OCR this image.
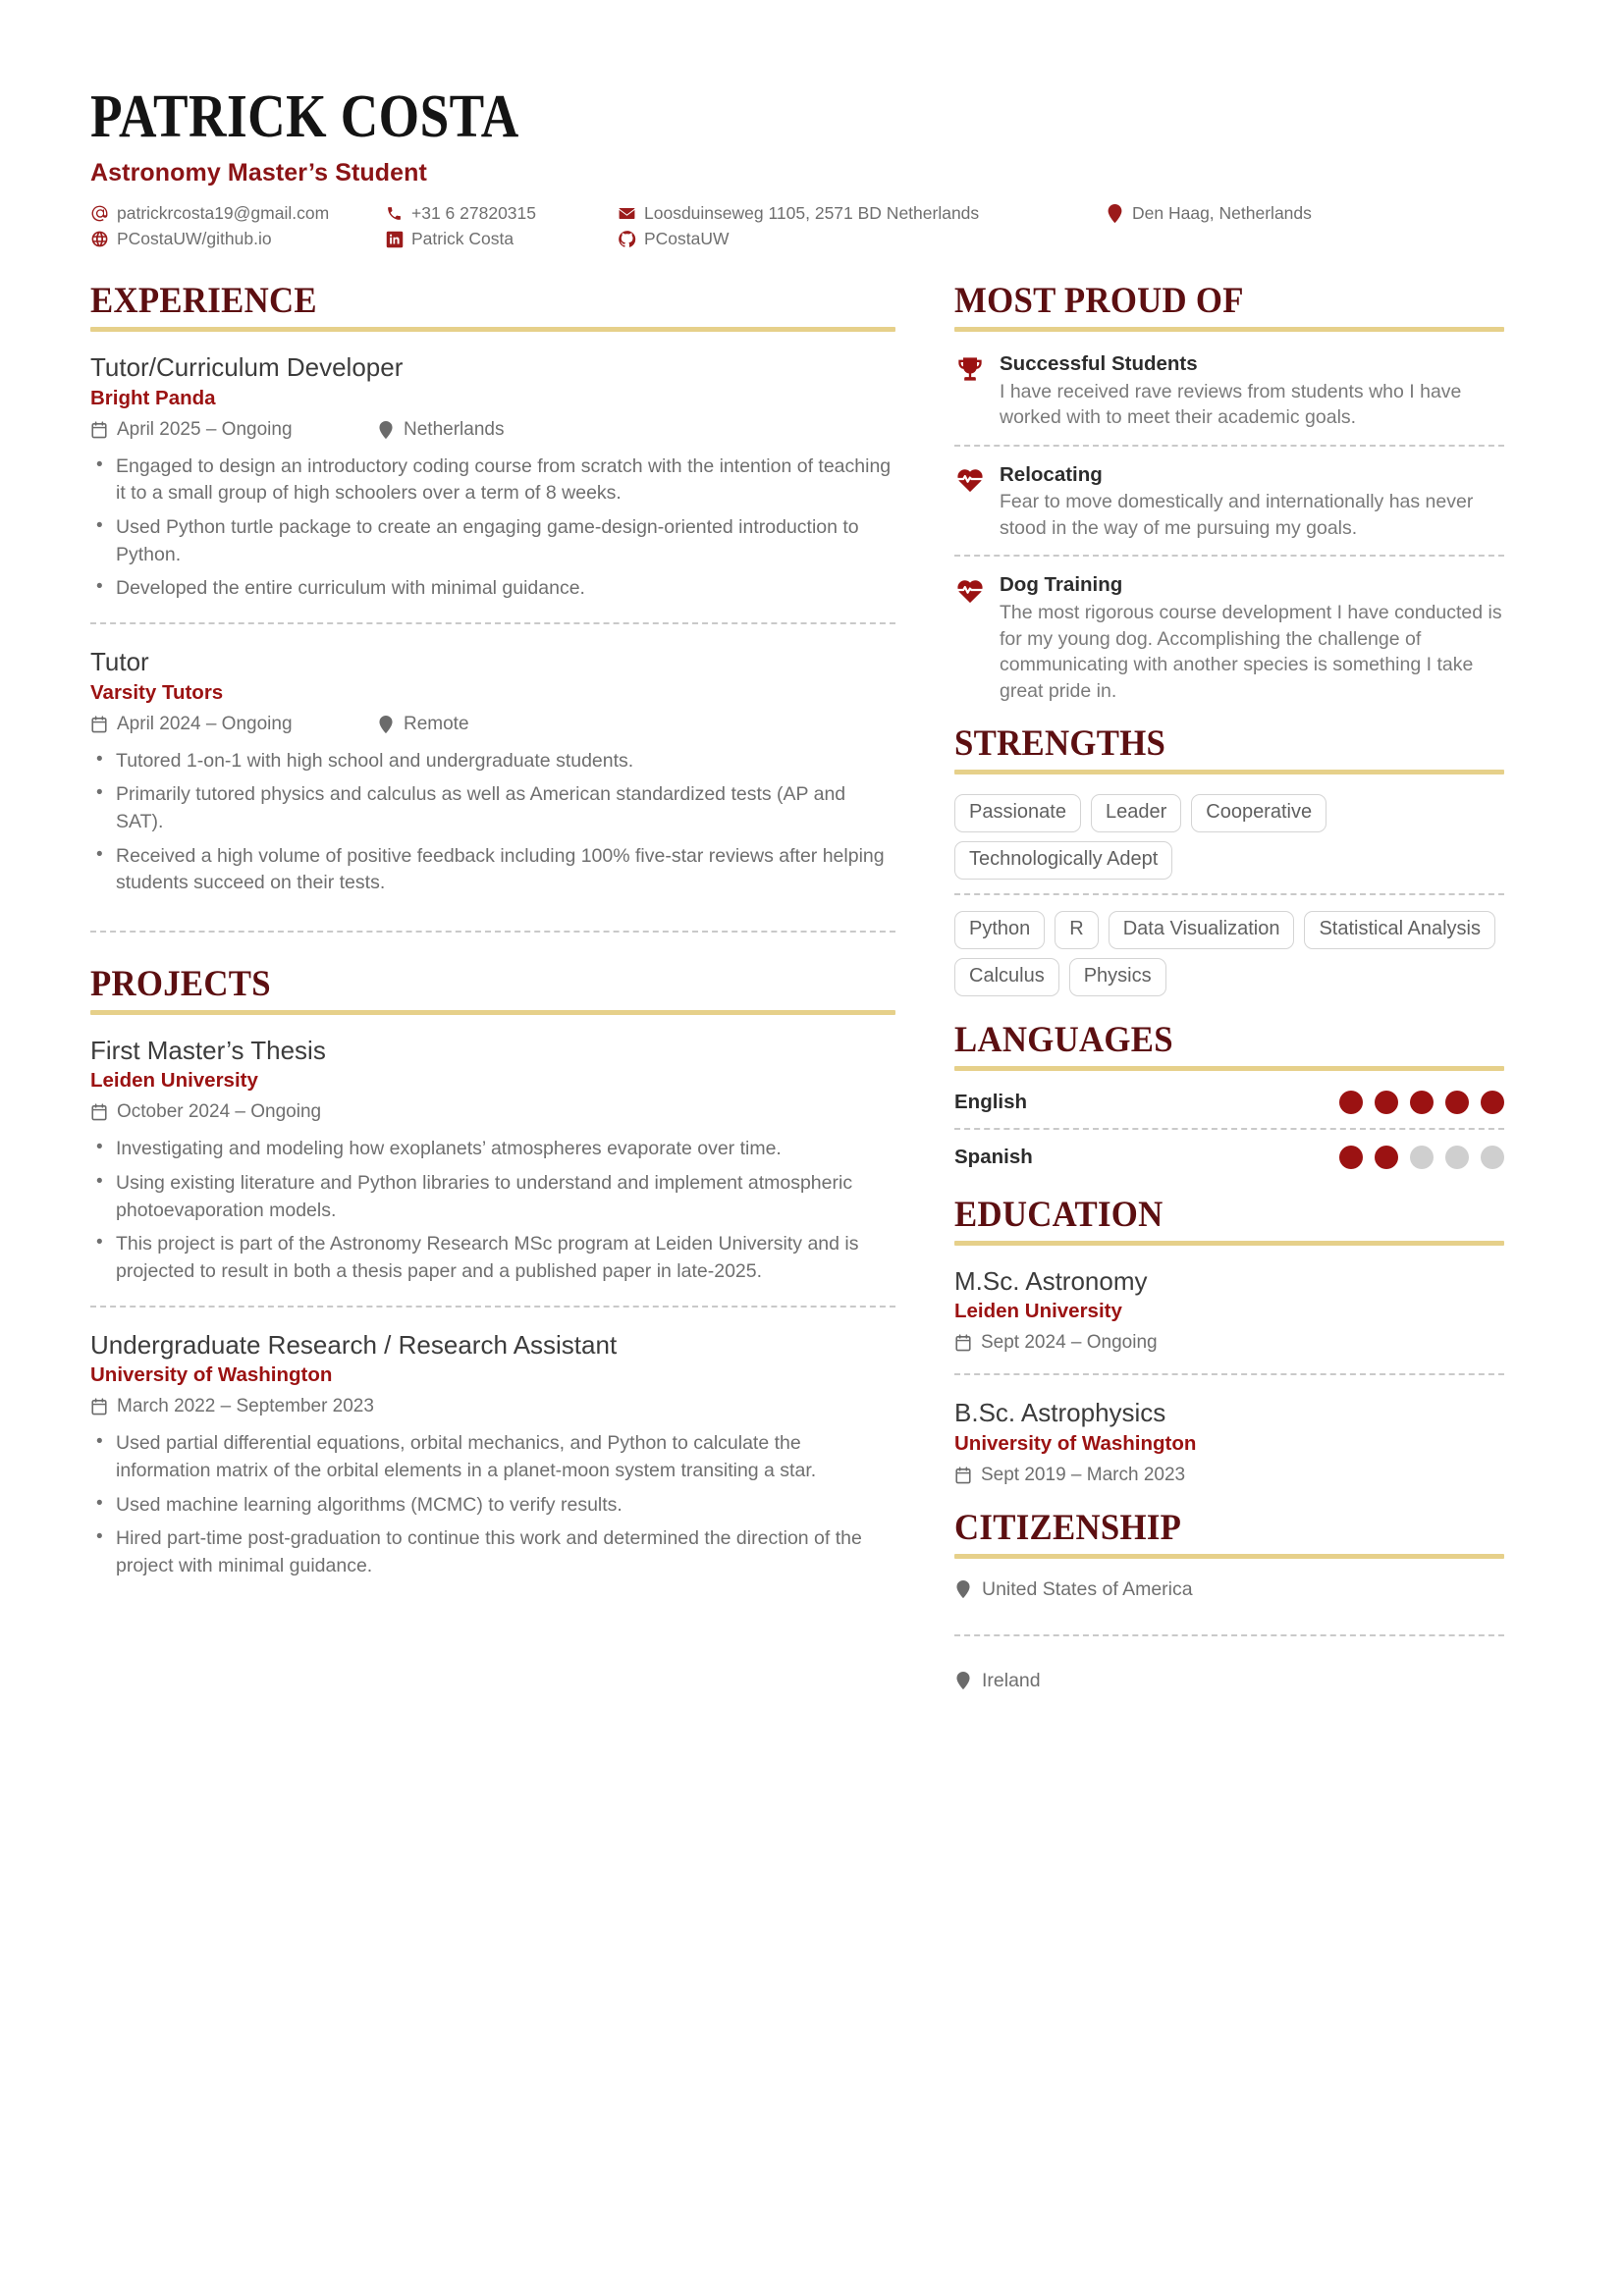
PATRICK COSTA
Astronomy Master’s Student
patrickrcosta19@gmail.com	+31 6 27820315	Loosduinseweg 1105, 2571 BD Netherlands	Den Haag, Netherlands
PCostaUW/github.io	Patrick Costa	PCostaUW
EXPERIENCE
Tutor/Curriculum Developer
Bright Panda
April 2025 – Ongoing	Netherlands
• Engaged to design an introductory coding course from scratch with the intention of teaching it to a small group of high schoolers over a term of 8 weeks.
• Used Python turtle package to create an engaging game-design-oriented introduction to Python.
• Developed the entire curriculum with minimal guidance.
Tutor
Varsity Tutors
April 2024 – Ongoing	Remote
• Tutored 1-on-1 with high school and undergraduate students.
• Primarily tutored physics and calculus as well as American standardized tests (AP and SAT).
• Received a high volume of positive feedback including 100% five-star reviews after helping students succeed on their tests.
PROJECTS
First Master’s Thesis
Leiden University
October 2024 – Ongoing
• Investigating and modeling how exoplanets’ atmospheres evaporate over time.
• Using existing literature and Python libraries to understand and implement atmospheric photoevaporation models.
• This project is part of the Astronomy Research MSc program at Leiden University and is projected to result in both a thesis paper and a published paper in late-2025.
Undergraduate Research / Research Assistant
University of Washington
March 2022 – September 2023
• Used partial differential equations, orbital mechanics, and Python to calculate the information matrix of the orbital elements in a planet-moon system transiting a star.
• Used machine learning algorithms (MCMC) to verify results.
• Hired part-time post-graduation to continue this work and determined the direction of the project with minimal guidance.
MOST PROUD OF
Successful Students
I have received rave reviews from students who I have worked with to meet their academic goals.
Relocating
Fear to move domestically and internationally has never stood in the way of me pursuing my goals.
Dog Training
The most rigorous course development I have conducted is for my young dog. Accomplishing the challenge of communicating with another species is something I take great pride in.
STRENGTHS
Passionate	Leader	Cooperative
Technologically Adept
Python	R	Data Visualization	Statistical Analysis
Calculus	Physics
LANGUAGES
English
Spanish
EDUCATION
M.Sc. Astronomy
Leiden University
Sept 2024 – Ongoing
B.Sc. Astrophysics
University of Washington
Sept 2019 – March 2023
CITIZENSHIP
United States of America
Ireland
